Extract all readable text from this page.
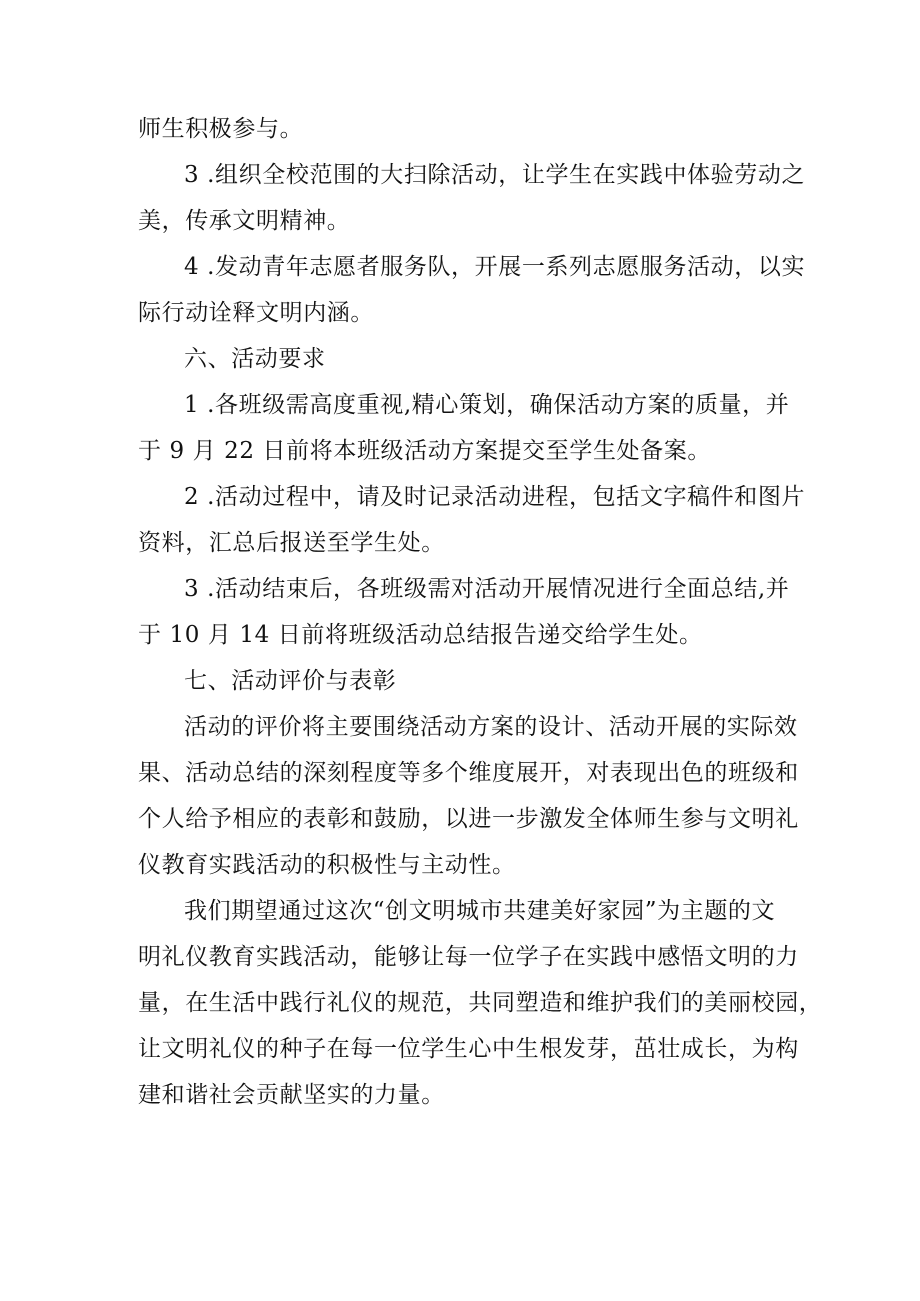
师生积极参与。

3 .组织全校范围的大扫除活动，让学生在实践中体验劳动之

美，传承文明精神。

4 .发动青年志愿者服务队，开展一系列志愿服务活动，以实

际行动诠释文明内涵。

六、活动要求

1 .各班级需高度重视,精心策划，确保活动方案的质量，并

于 9 月 22 日前将本班级活动方案提交至学生处备案。

2 .活动过程中，请及时记录活动进程，包括文字稿件和图片

资料，汇总后报送至学生处。

3 .活动结束后，各班级需对活动开展情况进行全面总结,并

于 10 月 14 日前将班级活动总结报告递交给学生处。

七、活动评价与表彰

活动的评价将主要围绕活动方案的设计、活动开展的实际效

果、活动总结的深刻程度等多个维度展开，对表现出色的班级和

个人给予相应的表彰和鼓励，以进一步激发全体师生参与文明礼

仪教育实践活动的积极性与主动性。

我们期望通过这次“创文明城市共建美好家园”为主题的文

明礼仪教育实践活动，能够让每一位学子在实践中感悟文明的力

量，在生活中践行礼仪的规范，共同塑造和维护我们的美丽校园，

让文明礼仪的种子在每一位学生心中生根发芽，茁壮成长，为构

建和谐社会贡献坚实的力量。
